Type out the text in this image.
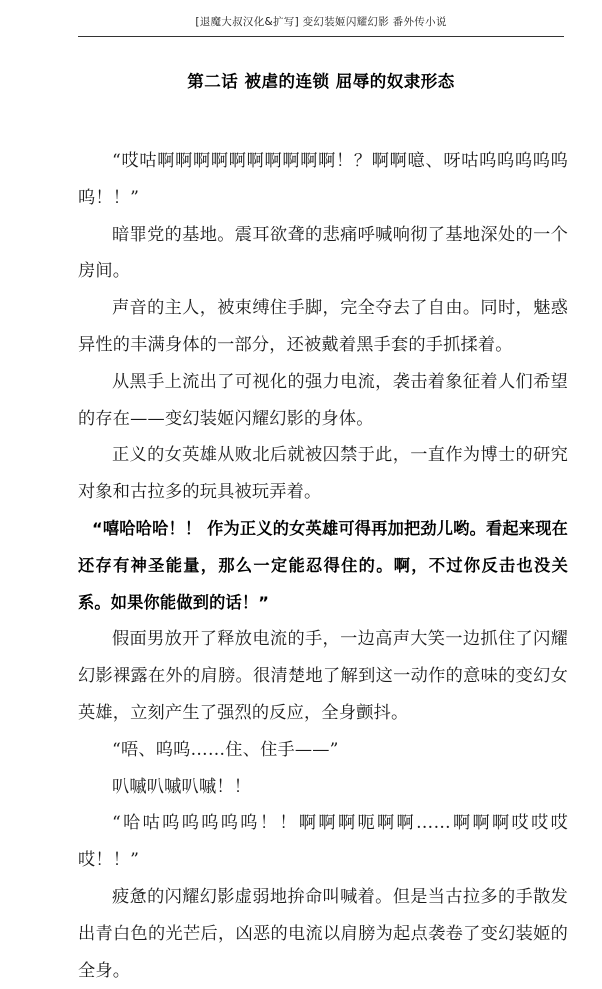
[退魔大叔汉化&扩写] 变幻装姬闪耀幻影 番外传小说
第二话 被虐的连锁 屈辱的奴隶形态

“哎咕啊啊啊啊啊啊啊啊啊啊！？啊啊噫、呀咕呜呜呜呜呜呜！！”

暗罪党的基地。震耳欲聋的悲痛呼喊响彻了基地深处的一个房间。

声音的主人，被束缚住手脚，完全夺去了自由。同时，魅惑异性的丰满身体的一部分，还被戴着黑手套的手抓揉着。

从黑手上流出了可视化的强力电流，袭击着象征着人们希望的存在——变幻装姬闪耀幻影的身体。

正义的女英雄从败北后就被囚禁于此，一直作为博士的研究对象和古拉多的玩具被玩弄着。

“嘻哈哈哈！！ 作为正义的女英雄可得再加把劲儿哟。看起来现在还存有神圣能量，那么一定能忍得住的。啊，不过你反击也没关系。如果你能做到的话！”

假面男放开了释放电流的手，一边高声大笑一边抓住了闪耀幻影裸露在外的肩膀。很清楚地了解到这一动作的意味的变幻女英雄，立刻产生了强烈的反应，全身颤抖。

“唔、呜呜……住、住手——”

叭嘁叭嘁叭嘁！！

“哈咕呜呜呜呜呜！！啊啊啊呃啊啊……啊啊啊哎哎哎哎！！”

疲惫的闪耀幻影虚弱地拚命叫喊着。但是当古拉多的手散发出青白色的光芒后，凶恶的电流以肩膀为起点袭卷了变幻装姬的全身。
